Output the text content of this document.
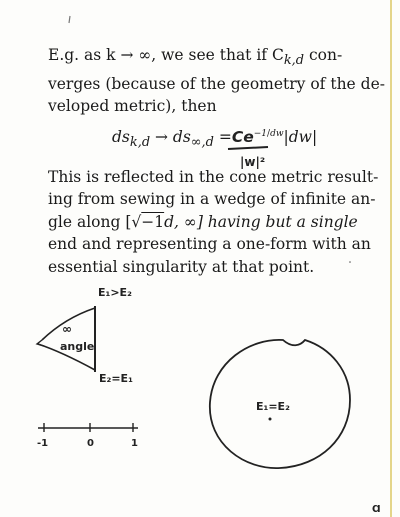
E.g. as k → ∞, we see that if $C_{k,d}$ con-
verges (because of the geometry of the de-
veloped metric), then
$ds_{k,d} \to ds_{\infty,d} =Ce^{-1/dw}|dw|$
This is reflected in the cone metric result-
ing from sewing in a wedge of infinite an-
gle along [√−1d, ∞] having but a single
end and representing a one-form with an
essential singularity at that point.
|w|²
E₁>E₂
∞
angle
E₂=E₁
-1	0	1
E₁=E₂
Ɑ
